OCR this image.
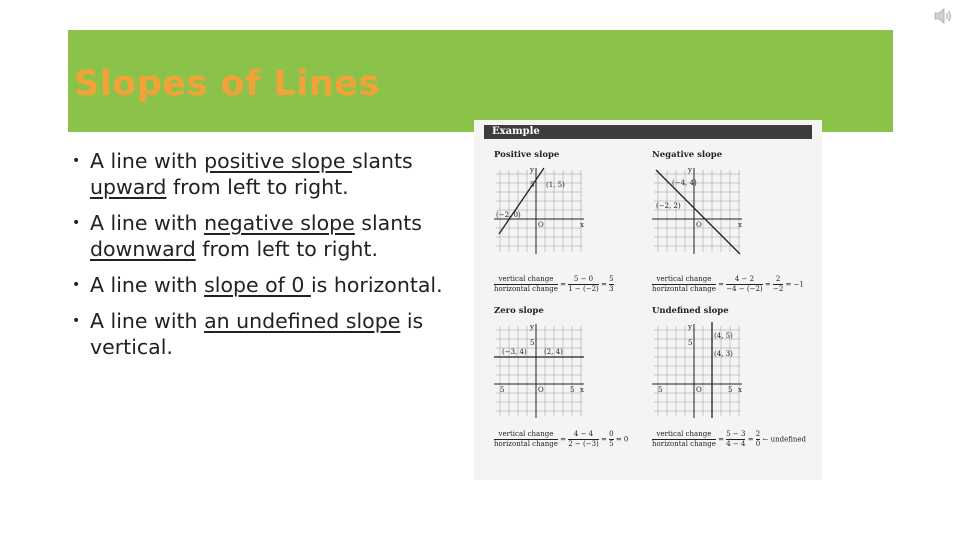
Slopes of Lines
• A line with positive slope slants
upward from left to right.
• A line with negative slope slants
downward from left to right.
• A line with slope of 0 is horizontal.
• A line with an undefined slope is
vertical.
Example
Positive slope	Negative slope
Zero slope	Undefined slope
y
x
5
O
(1, 5)
(−2, 0)
y
x
O
(−4, 4)
(−2, 2)
y
x
5
O
5	5
(−3, 4) (2, 4)
y
x
5
O
5	5
(4, 5)
(4, 3)
$\frac{\text{vertical change}}{\text{horizontal change}} = \frac{5 - 0}{1 - (-2)} = \frac{5}{3}$	$\frac{\text{vertical change}}{\text{horizontal change}} = \frac{4 - 2}{-4 - (-2)} = \frac{2}{-2} = -1$
$\frac{\text{vertical change}}{\text{horizontal change}} = \frac{4 - 4}{2 - (-3)} = \frac{0}{5} = 0$	$\frac{\text{vertical change}}{\text{horizontal change}} = \frac{5 - 3}{4 - 4} = \frac{2}{0}$ ← undefined
